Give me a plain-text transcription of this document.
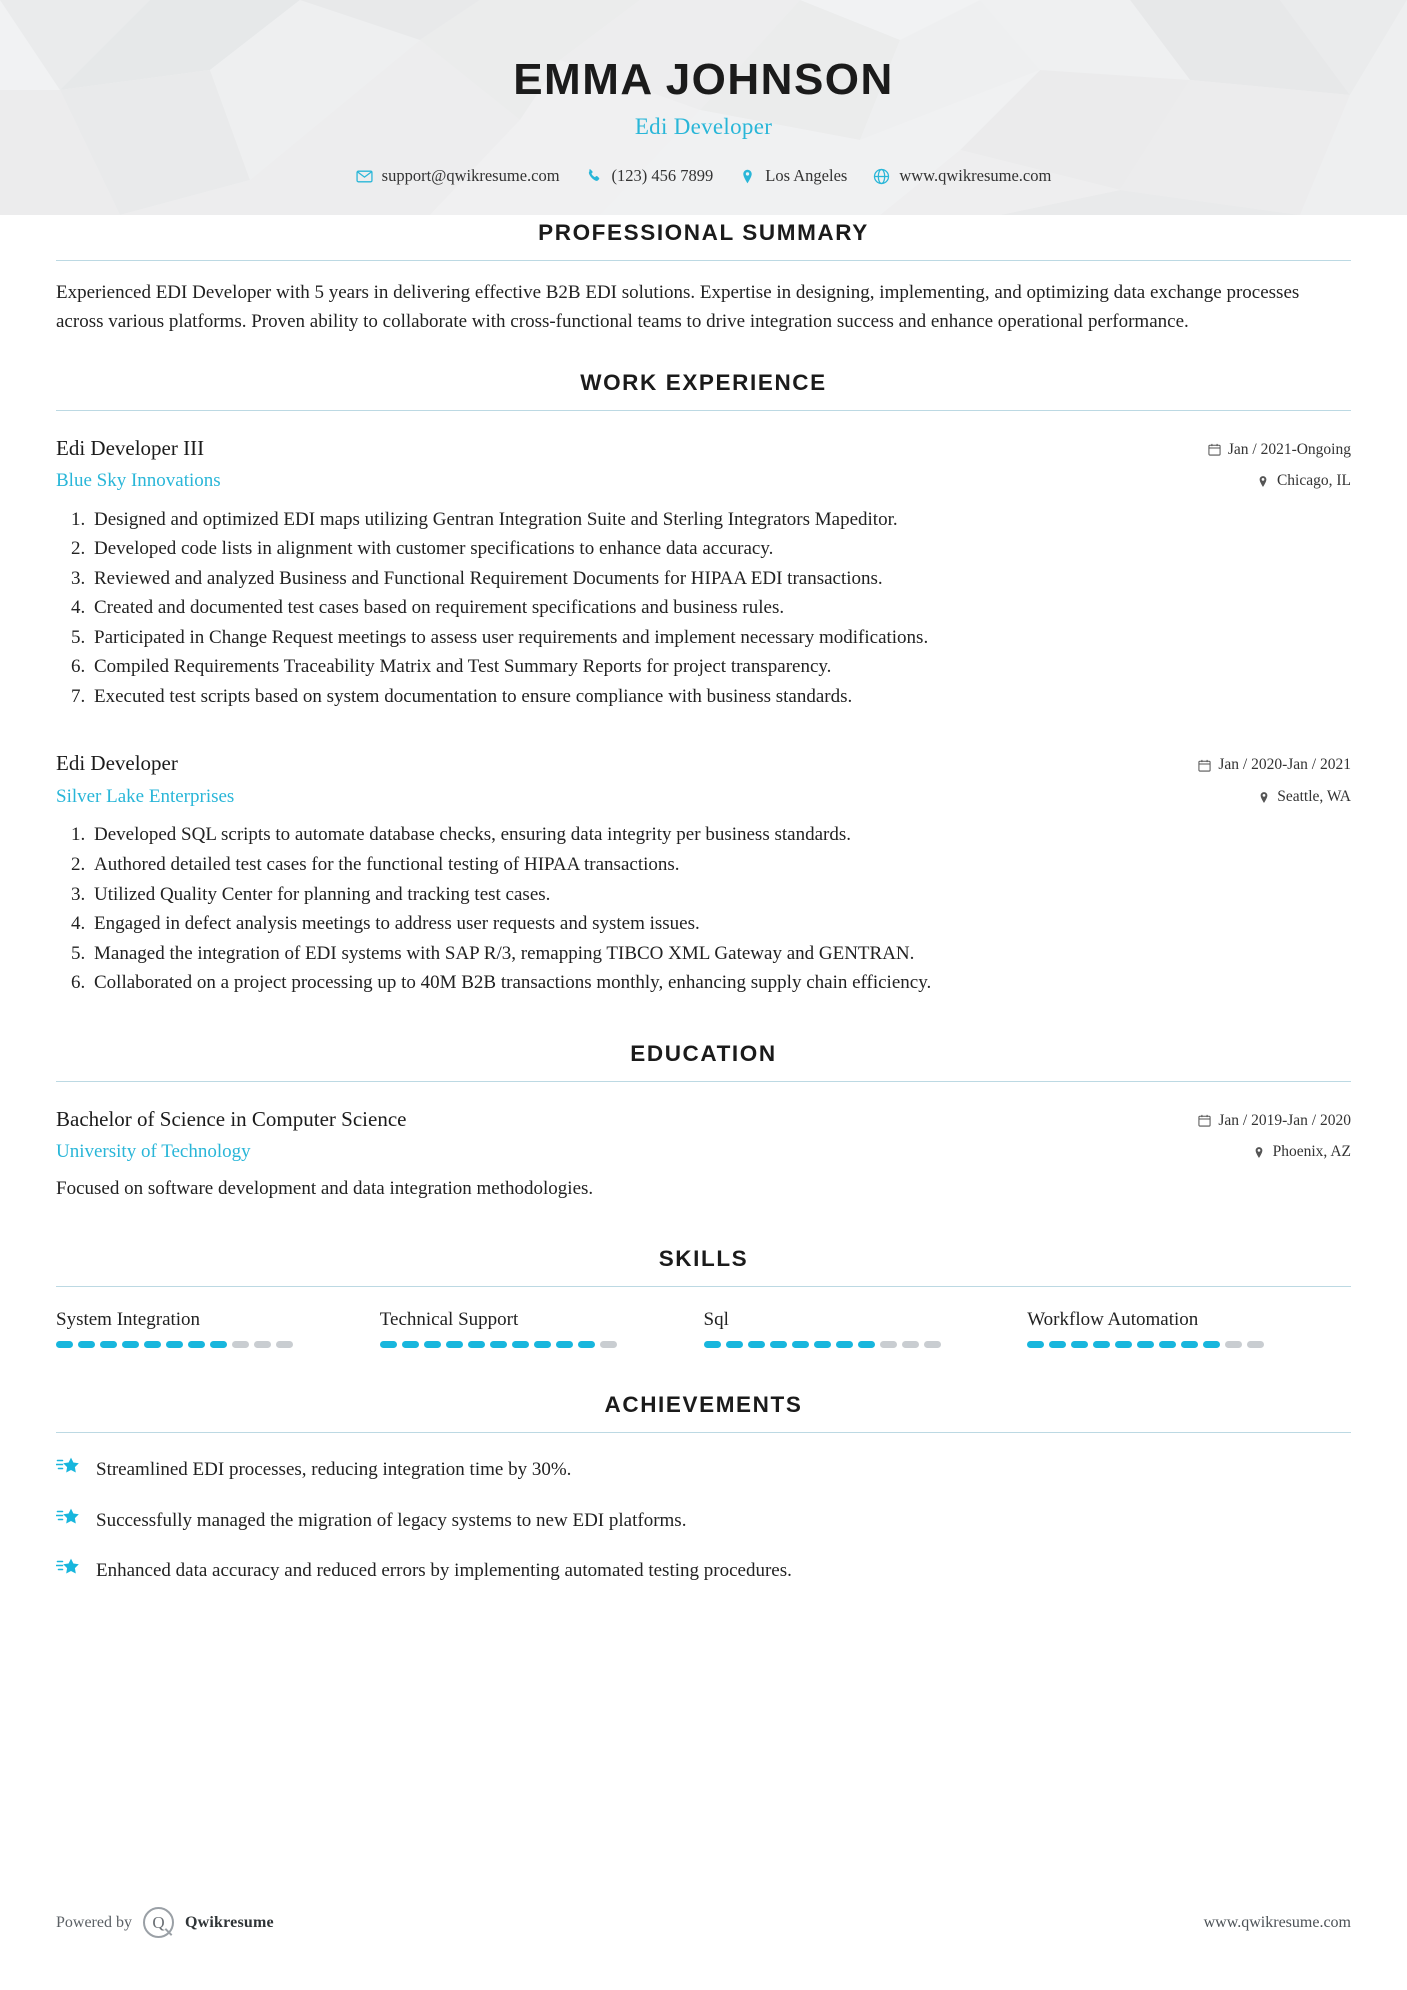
EMMA JOHNSON
Edi Developer
support@qwikresume.com	(123) 456 7899	Los Angeles	www.qwikresume.com
PROFESSIONAL SUMMARY

Experienced EDI Developer with 5 years in delivering effective B2B EDI solutions. Expertise in designing, implementing, and optimizing data exchange processes across various platforms. Proven ability to collaborate with cross-functional teams to drive integration success and enhance operational performance.

WORK EXPERIENCE
Edi Developer III
Blue Sky Innovations
Jan / 2021-Ongoing
Chicago, IL
1. Designed and optimized EDI maps utilizing Gentran Integration Suite and Sterling Integrators Mapeditor.
2. Developed code lists in alignment with customer specifications to enhance data accuracy.
3. Reviewed and analyzed Business and Functional Requirement Documents for HIPAA EDI transactions.
4. Created and documented test cases based on requirement specifications and business rules.
5. Participated in Change Request meetings to assess user requirements and implement necessary modifications.
6. Compiled Requirements Traceability Matrix and Test Summary Reports for project transparency.
7. Executed test scripts based on system documentation to ensure compliance with business standards.
Edi Developer
Silver Lake Enterprises
Jan / 2020-Jan / 2021
Seattle, WA
1. Developed SQL scripts to automate database checks, ensuring data integrity per business standards.
2. Authored detailed test cases for the functional testing of HIPAA transactions.
3. Utilized Quality Center for planning and tracking test cases.
4. Engaged in defect analysis meetings to address user requests and system issues.
5. Managed the integration of EDI systems with SAP R/3, remapping TIBCO XML Gateway and GENTRAN.
6. Collaborated on a project processing up to 40M B2B transactions monthly, enhancing supply chain efficiency.
EDUCATION
Bachelor of Science in Computer Science
University of Technology
Jan / 2019-Jan / 2020
Phoenix, AZ
Focused on software development and data integration methodologies.
SKILLS
System Integration	Technical Support	Sql	Workflow Automation
ACHIEVEMENTS
Streamlined EDI processes, reducing integration time by 30%.
Successfully managed the migration of legacy systems to new EDI platforms.
Enhanced data accuracy and reduced errors by implementing automated testing procedures.
Powered by	Q	Qwikresume	www.qwikresume.com
